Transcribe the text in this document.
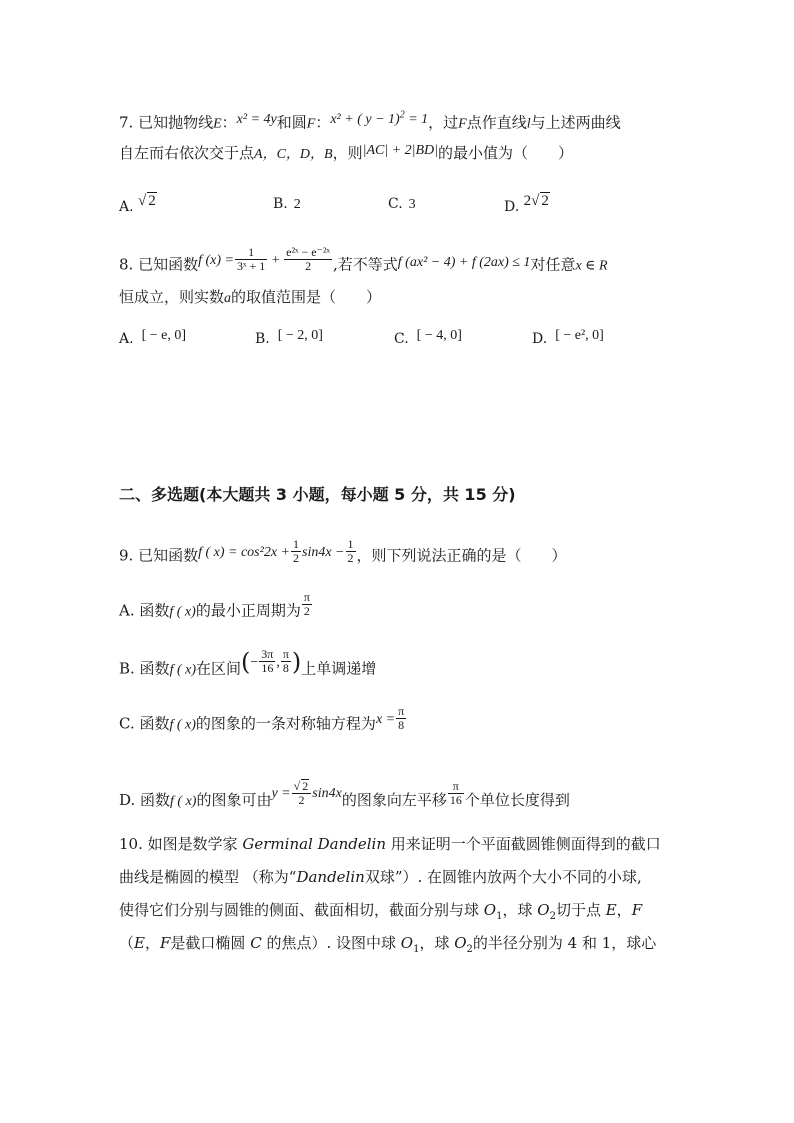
7. 已知抛物线E：x² = 4y和圆F：x² + ( y − 1)$^2$ = 1，过F点作直线l与上述两曲线
自左而右依次交于点A，C，D，B，则|AC| + 2|BD|的最小值为（　　）
A. √ 2	B. 2	C. 3	D. 2√ 2
8. 已知函数f $(x) = \frac{1}{\text{3ˣ + 1}} + \frac{\text{e²ˣ − e⁻²ˣ}}{2}$ ,若不等式f (ax² − 4) + f (2ax) ≤ 1对任意x ∈ R
恒成立，则实数a的取值范围是（　　）
A. [ − e, 0]	B. [ − 2, 0]	C. [ − 4, 0]	D. [ − e², 0]
二、多选题(本大题共 3 小题，每小题 5 分，共 15 分)
9. 已知函数f ( $x) = \cos^22x + \frac{1}{2} \sin 4x - \frac{1}{2}$ ，则下列说法正确的是（　　）
A. 函数f ( x)的最小正周期为 $\frac{\pi}{2}$
B. 函数f ( x)在区间(− $\frac{3\pi}{16}$ , $\frac{\pi}{8}$ )上单调递增
C. 函数f ( x)的图象的一条对称轴方程为$x = \frac{\pi}{8}$
D. 函数f ( x)的图象可由$y = \frac{√ 2}{2} \sin 4x$的图象向左平移 $\frac{\pi}{16}$ 个单位长度得到
10. 如图是数学家 Germinal Dandelin 用来证明一个平面截圆锥侧面得到的截口
曲线是椭圆的模型 （称为“Dandelin双球”）. 在圆锥内放两个大小不同的小球,
使得它们分别与圆锥的侧面、截面相切，截面分别与球 $O_1$，球 $O_2$切于点 E，F
（E，F是截口椭圆 C 的焦点）. 设图中球 $O_1$，球 $O_2$的半径分别为 4 和 1，球心
